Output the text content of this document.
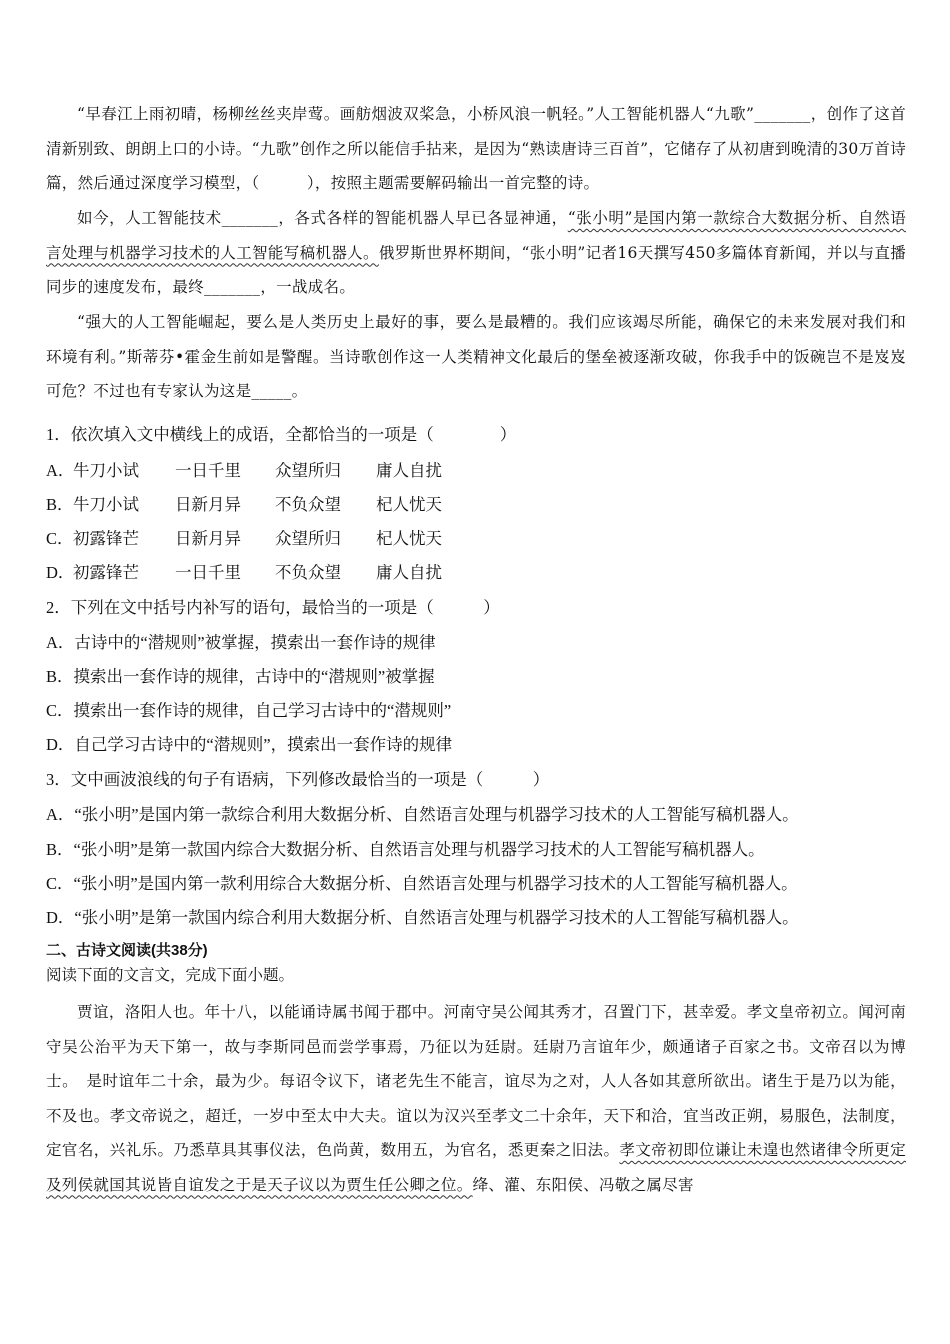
“早春江上雨初晴，杨柳丝丝夹岸莺。画舫烟波双桨急，小桥风浪一帆轻。”人工智能机器人“九歌”_______，创作了这首清新别致、朗朗上口的小诗。“九歌”创作之所以能信手拈来，是因为“熟读唐诗三百首”，它储存了从初唐到晚清的30万首诗篇，然后通过深度学习模型，（　　　），按照主题需要解码输出一首完整的诗。

如今，人工智能技术_______，各式各样的智能机器人早已各显神通，“张小明”是国内第一款综合大数据分析、自然语言处理与机器学习技术的人工智能写稿机器人。俄罗斯世界杯期间，“张小明”记者16天撰写450多篇体育新闻，并以与直播同步的速度发布，最终_______，一战成名。

“强大的人工智能崛起，要么是人类历史上最好的事，要么是最糟的。我们应该竭尽所能，确保它的未来发展对我们和环境有利。”斯蒂芬•霍金生前如是警醒。当诗歌创作这一人类精神文化最后的堡垒被逐渐攻破，你我手中的饭碗岂不是岌岌可危？不过也有专家认为这是_____。

1．依次填入文中横线上的成语，全都恰当的一项是（　　　　）
A．
牛刀小试 一日千里 众望所归 庸人自扰
B． 牛刀小试 日新月异 不负众望 杞人忧天
C． 初露锋芒 日新月异 众望所归 杞人忧天
D．
初露锋芒 一日千里 不负众望 庸人自扰
2．下列在文中括号内补写的语句，最恰当的一项是（　　　）
A．古诗中的“潜规则”被掌握，摸索出一套作诗的规律
B．摸索出一套作诗的规律，古诗中的“潜规则”被掌握
C．摸索出一套作诗的规律，自己学习古诗中的“潜规则”
D．自己学习古诗中的“潜规则”，摸索出一套作诗的规律
3．文中画波浪线的句子有语病，下列修改最恰当的一项是（　　　）
A．“张小明”是国内第一款综合利用大数据分析、自然语言处理与机器学习技术的人工智能写稿机器人。
B．“张小明”是第一款国内综合大数据分析、自然语言处理与机器学习技术的人工智能写稿机器人。
C．“张小明”是国内第一款利用综合大数据分析、自然语言处理与机器学习技术的人工智能写稿机器人。
D．“张小明”是第一款国内综合利用大数据分析、自然语言处理与机器学习技术的人工智能写稿机器人。
二、古诗文阅读(共38分)
阅读下面的文言文，完成下面小题。

贾谊，洛阳人也。年十八，以能诵诗属书闻于郡中。河南守吴公闻其秀才，召置门下，甚幸爱。孝文皇帝初立。闻河南守吴公治平为天下第一，故与李斯同邑而尝学事焉，乃征以为廷尉。廷尉乃言谊年少，颇通诸子百家之书。文帝召以为博士。　是时谊年二十余，最为少。每诏令议下，诸老先生不能言，谊尽为之对，人人各如其意所欲出。诸生于是乃以为能，不及也。孝文帝说之，超迁，一岁中至太中大夫。谊以为汉兴至孝文二十余年，天下和洽，宜当改正朔，易服色，法制度，定官名，兴礼乐。乃悉草具其事仪法，色尚黄，数用五，为官名，悉更秦之旧法。孝文帝初即位谦让未遑也然诸律令所更定及列侯就国其说皆自谊发之于是天子议以为贾生任公卿之位。绛、灌、东阳侯、冯敬之属尽害
